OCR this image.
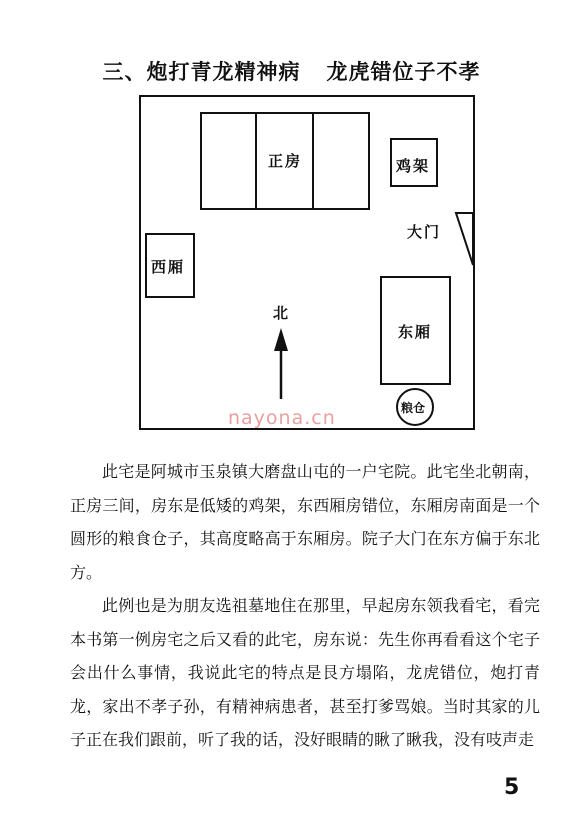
三、炮打青龙精神病 龙虎错位子不孝
正房	鸡架
大门
西厢
北
东厢
粮仓
nayona.cn

此宅是阿城市玉泉镇大磨盘山屯的一户宅院。此宅坐北朝南，正房三间，房东是低矮的鸡架，东西厢房错位，东厢房南面是一个圆形的粮食仓子，其高度略高于东厢房。院子大门在东方偏于东北方。

此例也是为朋友选祖墓地住在那里，早起房东领我看宅，看完本书第一例房宅之后又看的此宅，房东说：先生你再看看这个宅子会出什么事情，我说此宅的特点是艮方塌陷，龙虎错位，炮打青龙，家出不孝子孙，有精神病患者，甚至打爹骂娘。当时其家的儿子正在我们跟前，听了我的话，没好眼睛的瞅了瞅我，没有吱声走

5
